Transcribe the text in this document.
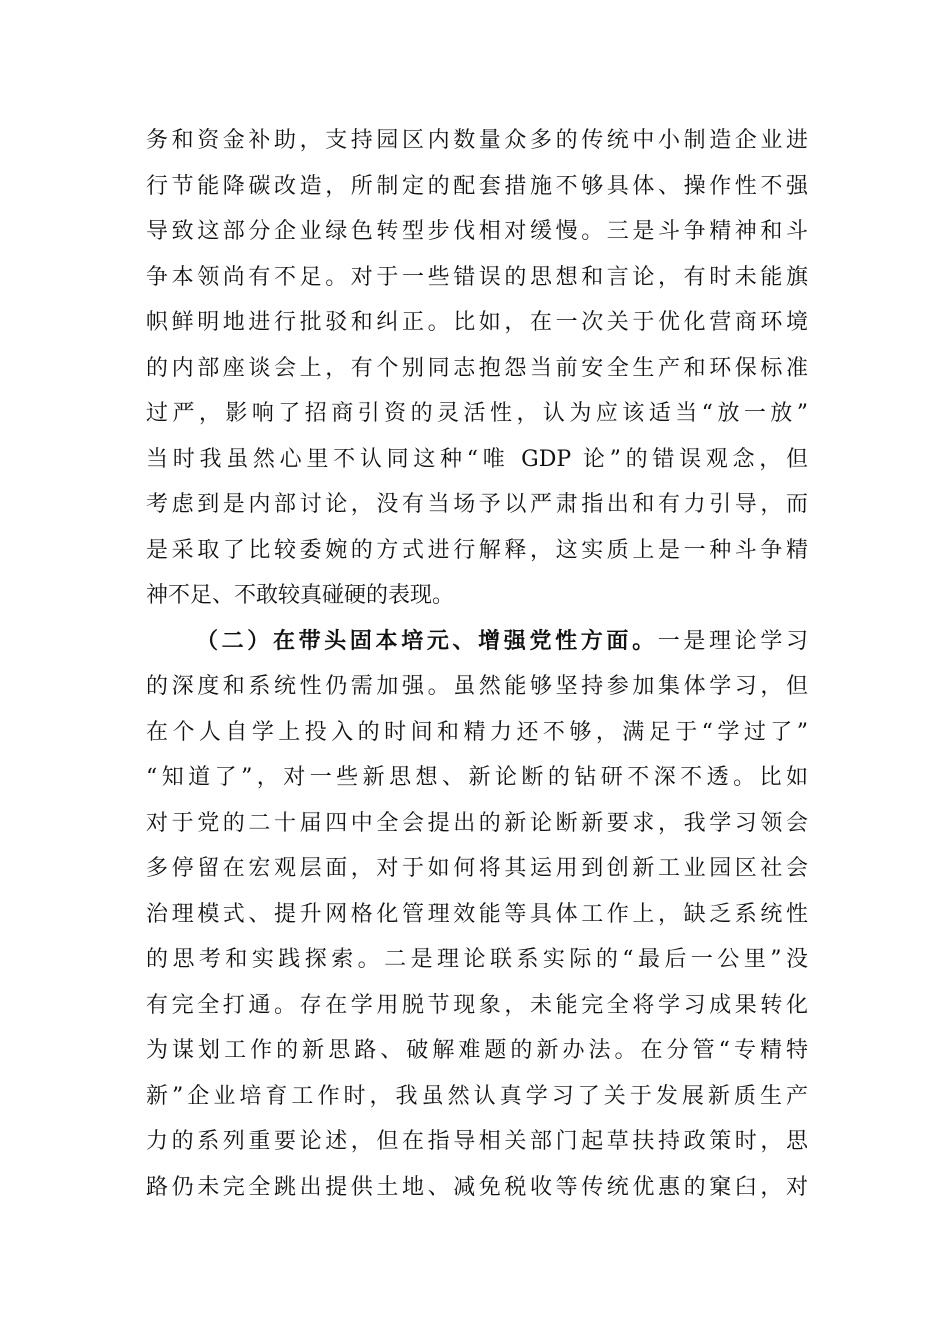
务和资金补助，支持园区内数量众多的传统中小制造企业进
行节能降碳改造，所制定的配套措施不够具体、操作性不强
导致这部分企业绿色转型步伐相对缓慢。三是斗争精神和斗
争本领尚有不足。对于一些错误的思想和言论，有时未能旗
帜鲜明地进行批驳和纠正。比如，在一次关于优化营商环境
的内部座谈会上，有个别同志抱怨当前安全生产和环保标准
过严，影响了招商引资的灵活性，认为应该适当“放一放”
当时我虽然心里不认同这种“唯 GDP 论”的错误观念，但
考虑到是内部讨论，没有当场予以严肃指出和有力引导，而
是采取了比较委婉的方式进行解释，这实质上是一种斗争精
神不足、不敢较真碰硬的表现。
（二）在带头固本培元、增强党性方面。一是理论学习
的深度和系统性仍需加强。虽然能够坚持参加集体学习，但
在个人自学上投入的时间和精力还不够，满足于“学过了”
“知道了”，对一些新思想、新论断的钻研不深不透。比如
对于党的二十届四中全会提出的新论断新要求，我学习领会
多停留在宏观层面，对于如何将其运用到创新工业园区社会
治理模式、提升网格化管理效能等具体工作上，缺乏系统性
的思考和实践探索。二是理论联系实际的“最后一公里”没
有完全打通。存在学用脱节现象，未能完全将学习成果转化
为谋划工作的新思路、破解难题的新办法。在分管“专精特
新”企业培育工作时，我虽然认真学习了关于发展新质生产
力的系列重要论述，但在指导相关部门起草扶持政策时，思
路仍未完全跳出提供土地、减免税收等传统优惠的窠臼，对
